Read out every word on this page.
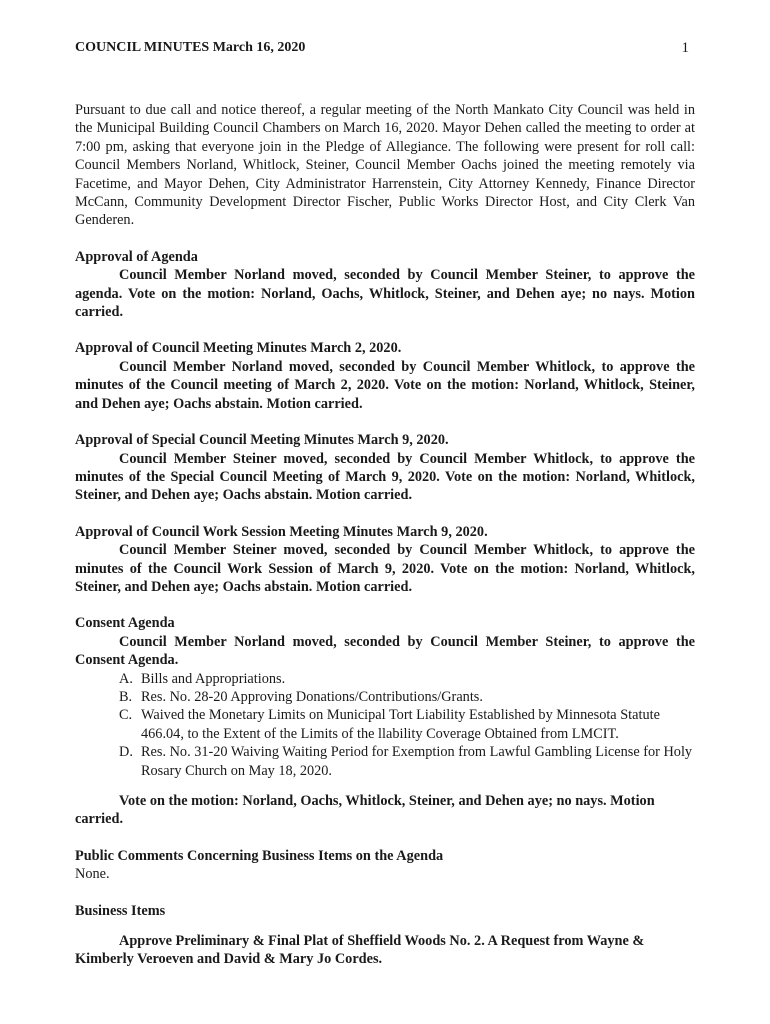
COUNCIL MINUTES March 16, 2020	1

Pursuant to due call and notice thereof, a regular meeting of the North Mankato City Council was held in the Municipal Building Council Chambers on March 16, 2020. Mayor Dehen called the meeting to order at 7:00 pm, asking that everyone join in the Pledge of Allegiance. The following were present for roll call: Council Members Norland, Whitlock, Steiner, Council Member Oachs joined the meeting remotely via Facetime, and Mayor Dehen, City Administrator Harrenstein, City Attorney Kennedy, Finance Director McCann, Community Development Director Fischer, Public Works Director Host, and City Clerk Van Genderen.

Approval of Agenda

Council Member Norland moved, seconded by Council Member Steiner, to approve the agenda. Vote on the motion: Norland, Oachs, Whitlock, Steiner, and Dehen aye; no nays. Motion carried.

Approval of Council Meeting Minutes March 2, 2020.

Council Member Norland moved, seconded by Council Member Whitlock, to approve the minutes of the Council meeting of March 2, 2020. Vote on the motion: Norland, Whitlock, Steiner, and Dehen aye; Oachs abstain. Motion carried.

Approval of Special Council Meeting Minutes March 9, 2020.

Council Member Steiner moved, seconded by Council Member Whitlock, to approve the minutes of the Special Council Meeting of March 9, 2020. Vote on the motion: Norland, Whitlock, Steiner, and Dehen aye; Oachs abstain. Motion carried.

Approval of Council Work Session Meeting Minutes March 9, 2020.

Council Member Steiner moved, seconded by Council Member Whitlock, to approve the minutes of the Council Work Session of March 9, 2020. Vote on the motion: Norland, Whitlock, Steiner, and Dehen aye; Oachs abstain. Motion carried.

Consent Agenda

Council Member Norland moved, seconded by Council Member Steiner, to approve the Consent Agenda.

A. Bills and Appropriations.
B. Res. No. 28-20 Approving Donations/Contributions/Grants.
C. Waived the Monetary Limits on Municipal Tort Liability Established by Minnesota Statute 466.04, to the Extent of the Limits of the llability Coverage Obtained from LMCIT.
D. Res. No. 31-20 Waiving Waiting Period for Exemption from Lawful Gambling License for Holy Rosary Church on May 18, 2020.

Vote on the motion: Norland, Oachs, Whitlock, Steiner, and Dehen aye; no nays. Motion carried.

Public Comments Concerning Business Items on the Agenda

None.

Business Items

Approve Preliminary & Final Plat of Sheffield Woods No. 2. A Request from Wayne & Kimberly Veroeven and David & Mary Jo Cordes.
